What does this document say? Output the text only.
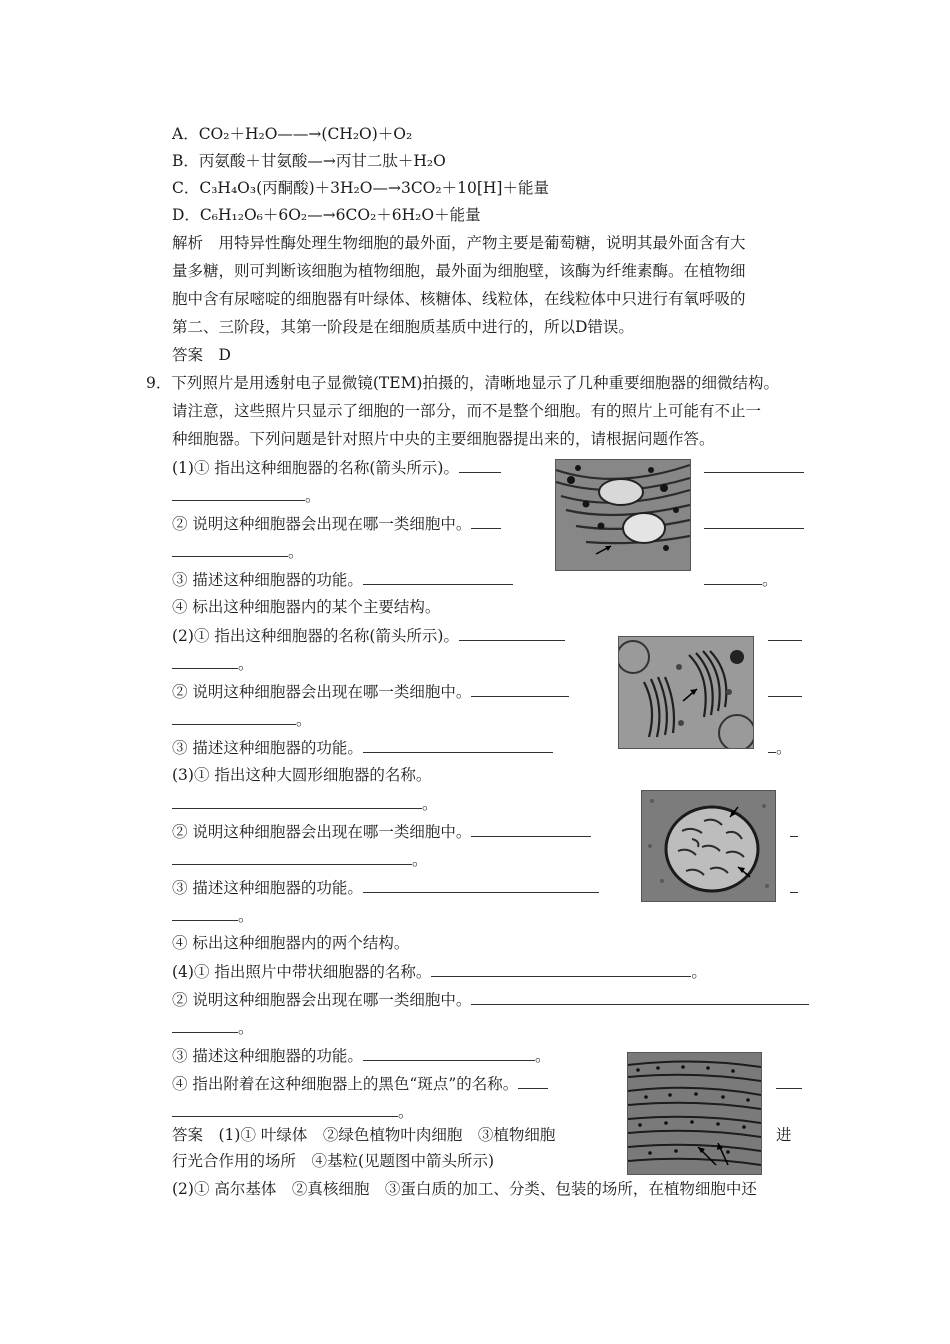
A．CO₂＋H₂O——→(CH₂O)＋O₂
B．丙氨酸＋甘氨酸—→丙甘二肽＋H₂O
C．C₃H₄O₃(丙酮酸)＋3H₂O—→3CO₂＋10[H]＋能量
D．C₆H₁₂O₆＋6O₂—→6CO₂＋6H₂O＋能量
解析　用特异性酶处理生物细胞的最外面，产物主要是葡萄糖，说明其最外面含有大
量多糖，则可判断该细胞为植物细胞，最外面为细胞壁，该酶为纤维素酶。在植物细
胞中含有尿嘧啶的细胞器有叶绿体、核糖体、线粒体，在线粒体中只进行有氧呼吸的
第二、三阶段，其第一阶段是在细胞质基质中进行的，所以D错误。
答案　D
9．下列照片是用透射电子显微镜(TEM)拍摄的，清晰地显示了几种重要细胞器的细微结构。
请注意，这些照片只显示了细胞的一部分，而不是整个细胞。有的照片上可能有不止一
种细胞器。下列问题是针对照片中央的主要细胞器提出来的，请根据问题作答。
(1)① 指出这种细胞器的名称(箭头所示)。
。
② 说明这种细胞器会出现在哪一类细胞中。
。
③ 描述这种细胞器的功能。	。
④ 标出这种细胞器内的某个主要结构。
(2)① 指出这种细胞器的名称(箭头所示)。
。
② 说明这种细胞器会出现在哪一类细胞中。
。
③ 描述这种细胞器的功能。	。
(3)① 指出这种大圆形细胞器的名称。
。
② 说明这种细胞器会出现在哪一类细胞中。
。
③ 描述这种细胞器的功能。
。
④ 标出这种细胞器内的两个结构。
(4)① 指出照片中带状细胞器的名称。	。
② 说明这种细胞器会出现在哪一类细胞中。
。
③ 描述这种细胞器的功能。	。
④ 指出附着在这种细胞器上的黑色“斑点”的名称。
。
答案　(1)① 叶绿体　②绿色植物叶肉细胞　③植物细胞	进
行光合作用的场所　④基粒(见题图中箭头所示)
(2)① 高尔基体　②真核细胞　③蛋白质的加工、分类、包装的场所，在植物细胞中还
